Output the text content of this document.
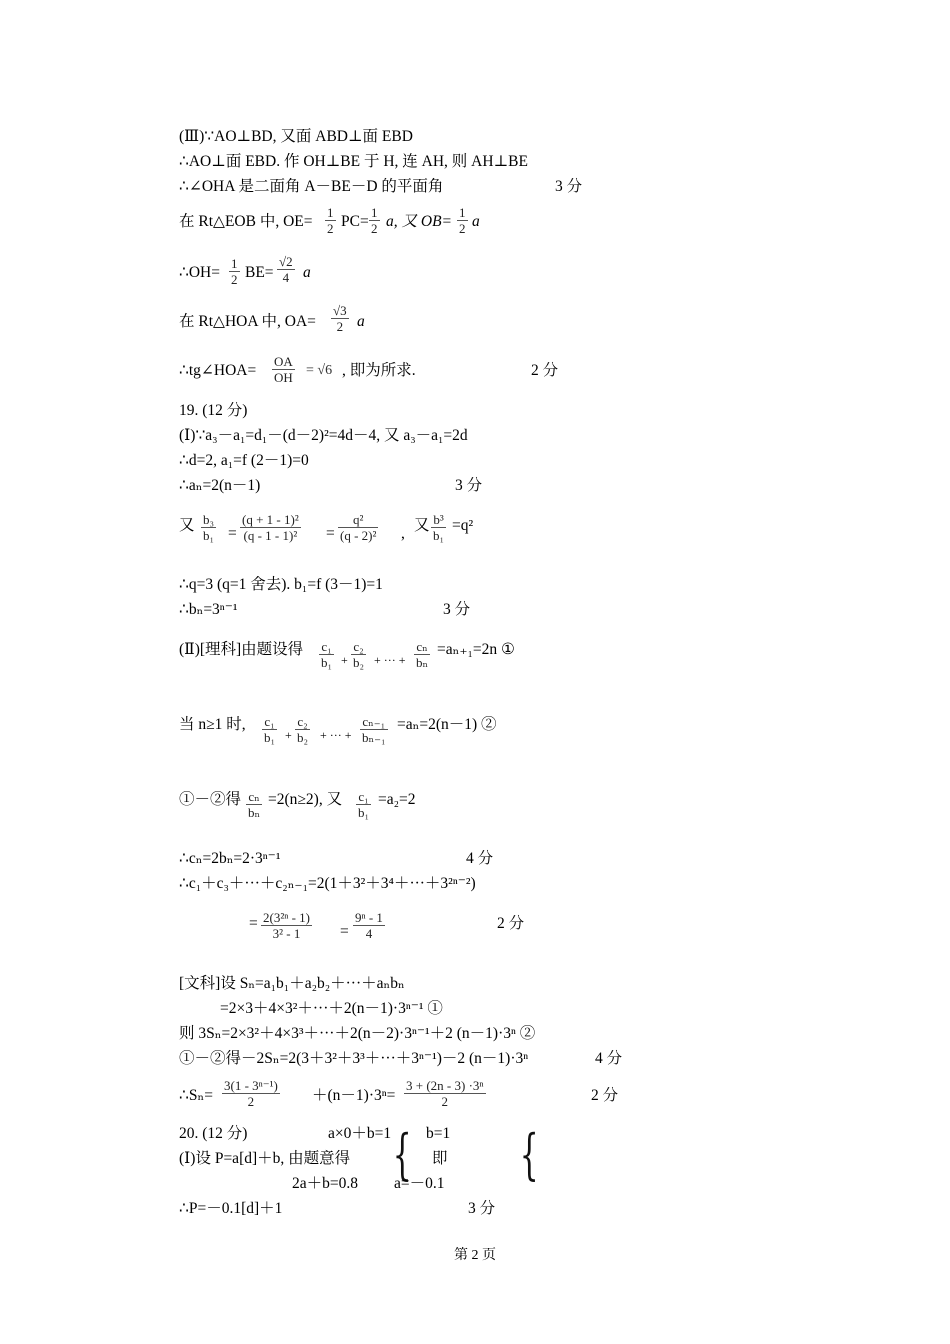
(Ⅲ)∵AO⊥BD, 又面 ABD⊥面 EBD
∴AO⊥面 EBD. 作 OH⊥BE 于 H, 连 AH, 则 AH⊥BE
∴∠OHA 是二面角 A－BE－D 的平面角	3 分
在 Rt△EOB 中, $OE= \frac{1}{2} PC= \frac{1}{2} a$, 又 $OB= \frac{1}{2}$ a
∴OH= $\frac{1}{2} BE= \frac{√2}{4}$ a
在 Rt△HOA 中, $OA= \frac{√3}{2}$ a
∴tg∠HOA= $\frac{OA}{OH} = √6$ , 即为所求.	2 分
19. (12 分)
(Ⅰ)∵a₃－a₁=d₁－(d－2)²=4d－4, 又 a₃－a₁=2d
∴d=2, a₁=f (2－1)=0
∴aₙ=2(n－1)	3 分
又 $\frac{\text{b₃}}{\text{b₁}} = \frac{\text{(q + 1 - 1)²}}{\text{(q - 1 - 1)²}} = \frac{\text{q²}}{\text{(q - 2)²}}$ , 又 $\frac{\text{b³}}{\text{b₁}} =q^2$
∴q=3 (q=1 舍去). b₁=f (3－1)=1
∴bₙ=3ⁿ⁻¹	3 分
(Ⅱ)[理科]由题设得 $\frac{\text{c₁}}{\text{b₁}} + \frac{\text{c₂}}{\text{b₂}}$ + ··· + $\frac{\text{cₙ}}{\text{bₙ}} =a_{n+1}=2n$ ①
当 n≥1 时, $\frac{\text{c₁}}{\text{b₁}} + \frac{\text{c₂}}{\text{b₂}}$ + ··· + $\frac{\text{cₙ₋₁}}{\text{bₙ₋₁}} =a_n=2(n-1)$ ②
①－②得 $\frac{\text{cₙ}}{\text{bₙ}} =2(n\ge 2)$, 又 $\frac{\text{c₁}}{\text{b₁}} =a_2=2$
∴cₙ=2bₙ=2·3ⁿ⁻¹	4 分
∴c₁＋c₃＋···＋c₂ₙ₋₁=2(1＋3²＋3⁴＋···＋3²ⁿ⁻²)
= $\frac{\text{2(3²ⁿ - 1)}}{\text{3² - 1}} = \frac{\text{9ⁿ - 1}}{4}$	2 分
[文科]设 Sₙ=a₁b₁＋a₂b₂＋···＋aₙbₙ
=2×3＋4×3²＋···＋2(n－1)·3ⁿ⁻¹ ①
则 3Sₙ=2×3²＋4×3³＋···＋2(n－2)·3ⁿ⁻¹＋2 (n－1)·3ⁿ ②
①－②得－2Sₙ=2(3＋3²＋3³＋···＋3ⁿ⁻¹)－2 (n－1)·3ⁿ	4 分
∴Sₙ= $\frac{\text{3(1 - 3ⁿ⁻¹)}}{2} +(n-1)\cdot 3^n= \frac{\text{3 + (2n - 3) ·3ⁿ}}{2}$	2 分
20. (12 分)	a×0＋b=1 b=1
{ {
(Ⅰ)设 P=a[d]＋b, 由题意得	即
2a＋b=0.8 a=－0.1
∴P=－0.1[d]＋1	3 分
第 2 页
